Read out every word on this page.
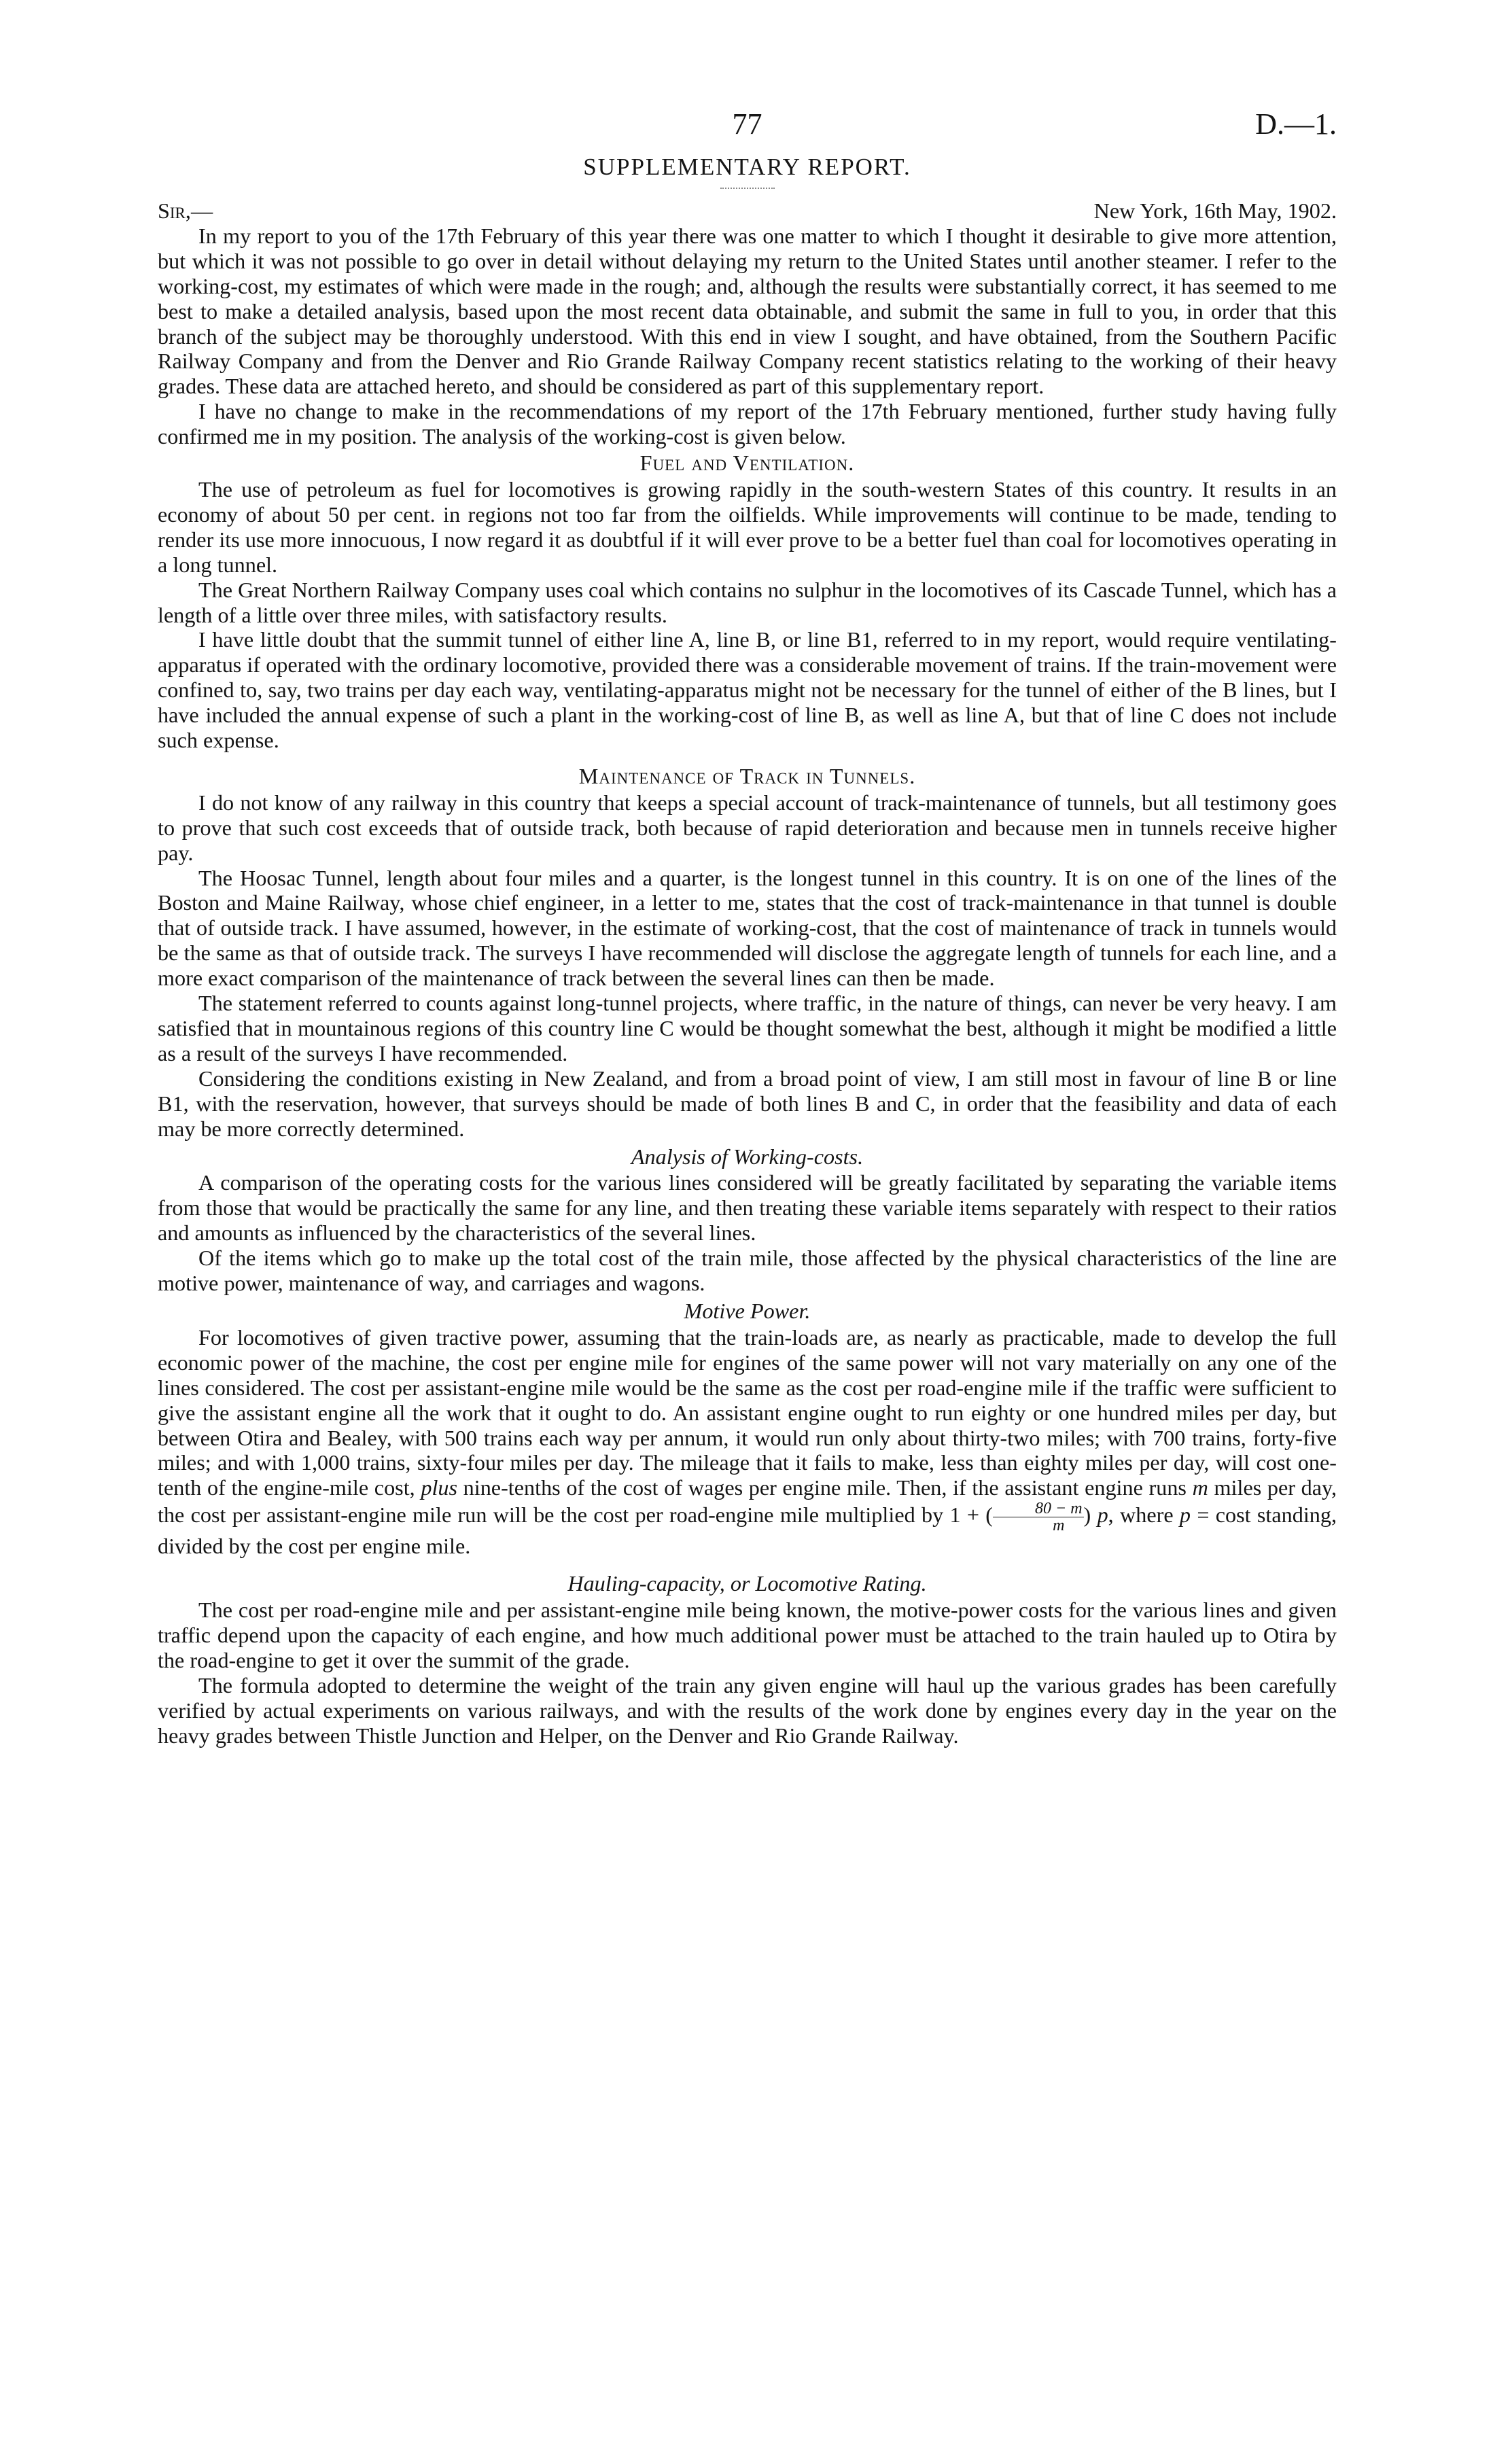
77	D.—1.
SUPPLEMENTARY REPORT.
Sir,—	New York, 16th May, 1902.

In my report to you of the 17th February of this year there was one matter to which I thought it desirable to give more attention, but which it was not possible to go over in detail without delaying my return to the United States until another steamer. I refer to the working-cost, my estimates of which were made in the rough; and, although the results were substantially correct, it has seemed to me best to make a detailed analysis, based upon the most recent data obtainable, and submit the same in full to you, in order that this branch of the subject may be thoroughly understood. With this end in view I sought, and have obtained, from the Southern Pacific Railway Company and from the Denver and Rio Grande Railway Company recent statistics relating to the working of their heavy grades. These data are attached hereto, and should be considered as part of this supplementary report.

I have no change to make in the recommendations of my report of the 17th February mentioned, further study having fully confirmed me in my position. The analysis of the working-cost is given below.

Fuel and Ventilation.

The use of petroleum as fuel for locomotives is growing rapidly in the south-western States of this country. It results in an economy of about 50 per cent. in regions not too far from the oilfields. While improvements will continue to be made, tending to render its use more innocuous, I now regard it as doubtful if it will ever prove to be a better fuel than coal for locomotives operating in a long tunnel.

The Great Northern Railway Company uses coal which contains no sulphur in the locomotives of its Cascade Tunnel, which has a length of a little over three miles, with satisfactory results.

I have little doubt that the summit tunnel of either line A, line B, or line B1, referred to in my report, would require ventilating-apparatus if operated with the ordinary locomotive, provided there was a considerable movement of trains. If the train-movement were confined to, say, two trains per day each way, ventilating-apparatus might not be necessary for the tunnel of either of the B lines, but I have included the annual expense of such a plant in the working-cost of line B, as well as line A, but that of line C does not include such expense.

Maintenance of Track in Tunnels.

I do not know of any railway in this country that keeps a special account of track-maintenance of tunnels, but all testimony goes to prove that such cost exceeds that of outside track, both because of rapid deterioration and because men in tunnels receive higher pay.

The Hoosac Tunnel, length about four miles and a quarter, is the longest tunnel in this country. It is on one of the lines of the Boston and Maine Railway, whose chief engineer, in a letter to me, states that the cost of track-maintenance in that tunnel is double that of outside track. I have assumed, however, in the estimate of working-cost, that the cost of maintenance of track in tunnels would be the same as that of outside track. The surveys I have recommended will disclose the aggregate length of tunnels for each line, and a more exact comparison of the maintenance of track between the several lines can then be made.

The statement referred to counts against long-tunnel projects, where traffic, in the nature of things, can never be very heavy. I am satisfied that in mountainous regions of this country line C would be thought somewhat the best, although it might be modified a little as a result of the surveys I have recommended.

Considering the conditions existing in New Zealand, and from a broad point of view, I am still most in favour of line B or line B1, with the reservation, however, that surveys should be made of both lines B and C, in order that the feasibility and data of each may be more correctly determined.

Analysis of Working-costs.

A comparison of the operating costs for the various lines considered will be greatly facilitated by separating the variable items from those that would be practically the same for any line, and then treating these variable items separately with respect to their ratios and amounts as influenced by the characteristics of the several lines.

Of the items which go to make up the total cost of the train mile, those affected by the physical characteristics of the line are motive power, maintenance of way, and carriages and wagons.

Motive Power.

For locomotives of given tractive power, assuming that the train-loads are, as nearly as practicable, made to develop the full economic power of the machine, the cost per engine mile for engines of the same power will not vary materially on any one of the lines considered. The cost per assistant-engine mile would be the same as the cost per road-engine mile if the traffic were sufficient to give the assistant engine all the work that it ought to do. An assistant engine ought to run eighty or one hundred miles per day, but between Otira and Bealey, with 500 trains each way per annum, it would run only about thirty-two miles; with 700 trains, forty-five miles; and with 1,000 trains, sixty-four miles per day. The mileage that it fails to make, less than eighty miles per day, will cost one-tenth of the engine-mile cost, plus nine-tenths of the cost of wages per engine mile. Then, if the assistant engine runs m miles per day, the cost per assistant-engine mile run will be the cost per road-engine mile multiplied by 1 + ( $\frac{80 - m}{m}$ ) p, where p = cost standing, divided by the cost per engine mile.

Hauling-capacity, or Locomotive Rating.

The cost per road-engine mile and per assistant-engine mile being known, the motive-power costs for the various lines and given traffic depend upon the capacity of each engine, and how much additional power must be attached to the train hauled up to Otira by the road-engine to get it over the summit of the grade.

The formula adopted to determine the weight of the train any given engine will haul up the various grades has been carefully verified by actual experiments on various railways, and with the results of the work done by engines every day in the year on the heavy grades between Thistle Junction and Helper, on the Denver and Rio Grande Railway.
